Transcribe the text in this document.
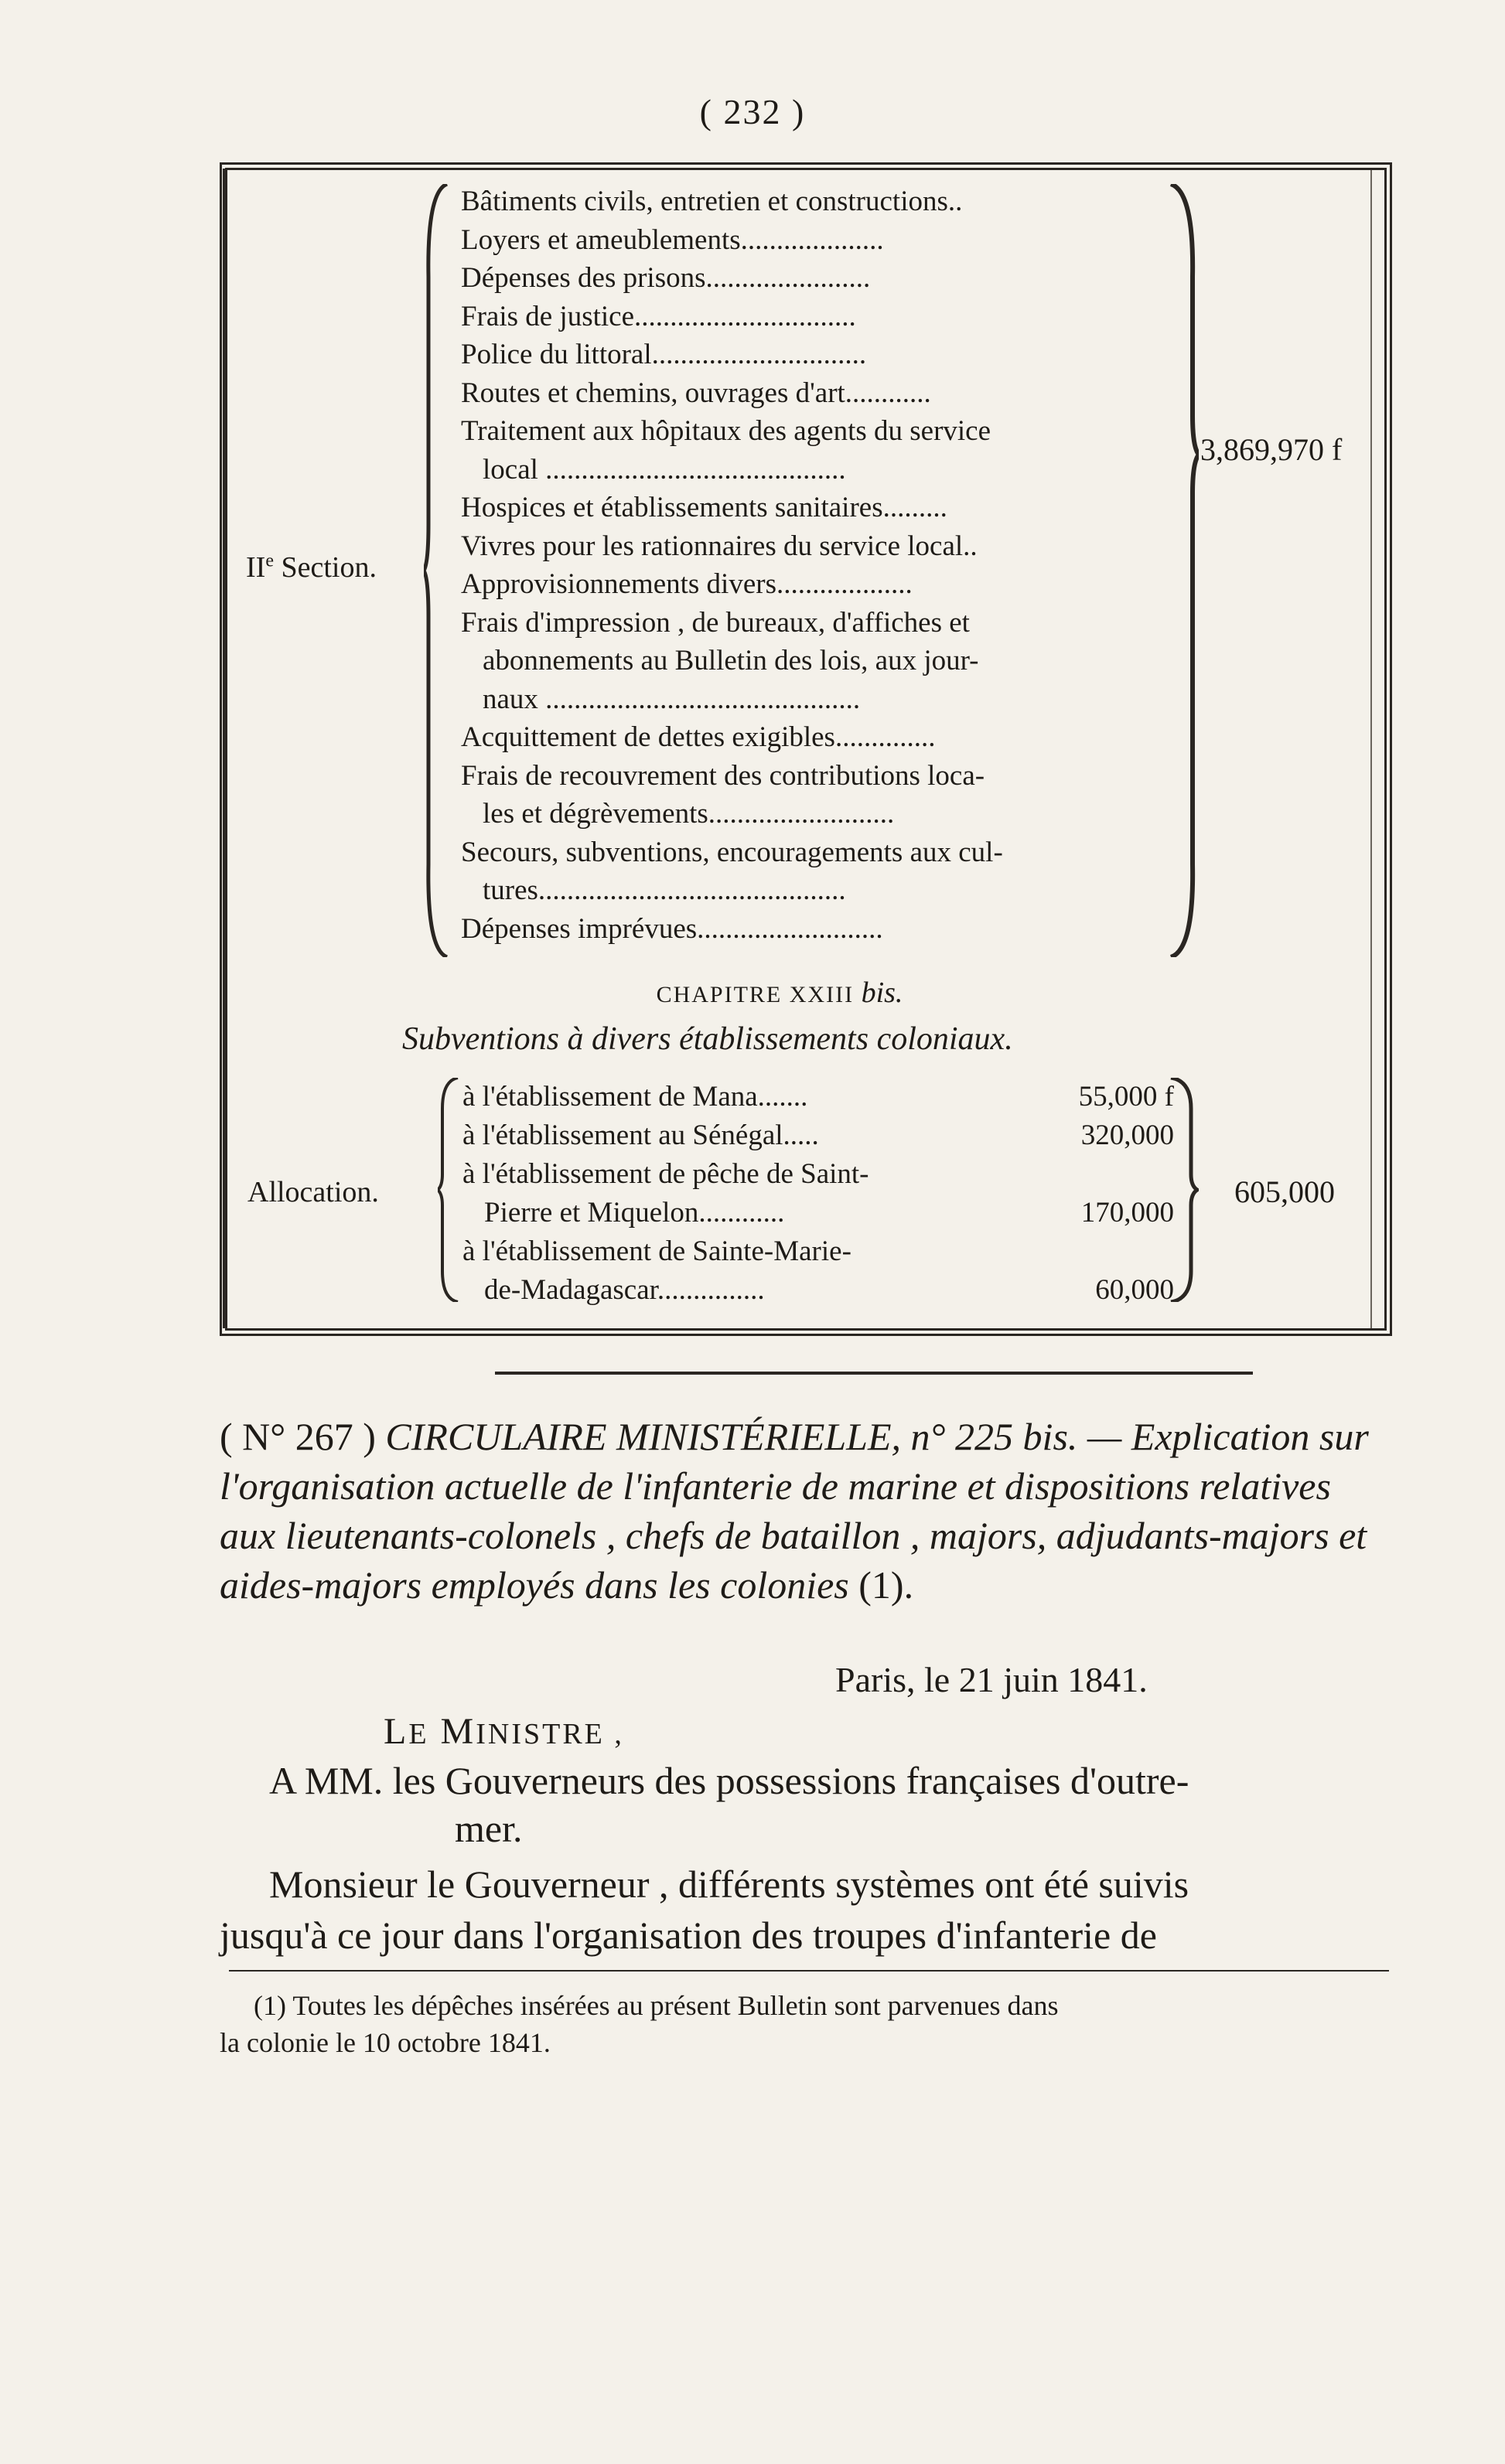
( 232 )
IIe Section.
Bâtiments civils, entretien et constructions..
Loyers et ameublements....................
Dépenses des prisons.......................
Frais de justice...............................
Police du littoral..............................
Routes et chemins, ouvrages d'art............
Traitement aux hôpitaux des agents du service
local ..........................................
Hospices et établissements sanitaires.........
Vivres pour les rationnaires du service local..
Approvisionnements divers...................
Frais d'impression , de bureaux, d'affiches et
abonnements au Bulletin des lois, aux jour-
naux ............................................
Acquittement de dettes exigibles..............
Frais de recouvrement des contributions loca-
les et dégrèvements..........................
Secours, subventions, encouragements aux cul-
tures...........................................
Dépenses imprévues..........................
3,869,970 f
CHAPITRE XXIII bis.
Subventions à divers établissements coloniaux.
Allocation.
à l'établissement de Mana.......	55,000 f
à l'établissement au Sénégal.....	320,000
à l'établissement de pêche de Saint-
Pierre et Miquelon............	170,000
à l'établissement de Sainte-Marie-
de-Madagascar...............	60,000
605,000
( N° 267 ) CIRCULAIRE MINISTÉRIELLE, n° 225 bis. — Explication sur l'organisation actuelle de l'infanterie de marine et dispositions relatives aux lieutenants-colonels , chefs de bataillon , majors, adjudants-majors et aides-majors employés dans les colonies (1).
Paris, le 21 juin 1841.
LE MINISTRE ,
A MM. les Gouverneurs des possessions françaises d'outre-
mer.
Monsieur le Gouverneur , différents systèmes ont été suivis
jusqu'à ce jour dans l'organisation des troupes d'infanterie de
(1) Toutes les dépêches insérées au présent Bulletin sont parvenues dans
la colonie le 10 octobre 1841.
